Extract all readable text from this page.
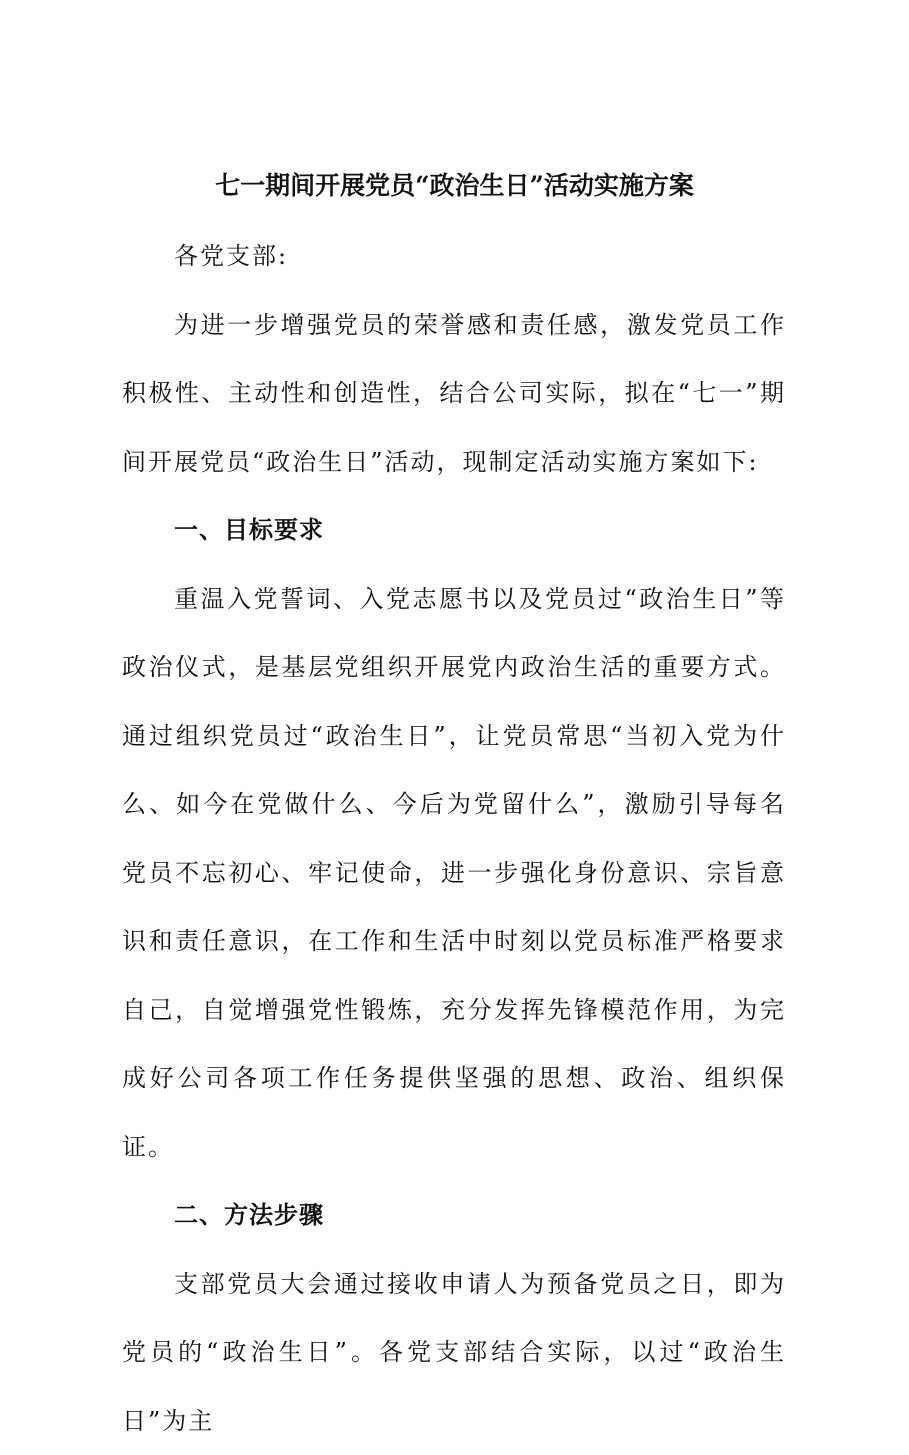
七一期间开展党员“政治生日”活动实施方案

各党支部:

为进一步增强党员的荣誉感和责任感，激发党员工作积极性、主动性和创造性，结合公司实际，拟在“七一”期间开展党员“政治生日”活动，现制定活动实施方案如下:

一、目标要求

重温入党誓词、入党志愿书以及党员过“政治生日”等政治仪式，是基层党组织开展党内政治生活的重要方式。通过组织党员过“政治生日”，让党员常思“当初入党为什么、如今在党做什么、今后为党留什么”，激励引导每名党员不忘初心、牢记使命，进一步强化身份意识、宗旨意识和责任意识，在工作和生活中时刻以党员标准严格要求自己，自觉增强党性锻炼，充分发挥先锋模范作用，为完成好公司各项工作任务提供坚强的思想、政治、组织保证。

二、方法步骤

支部党员大会通过接收申请人为预备党员之日，即为党员的“政治生日”。各党支部结合实际，以过“政治生日”为主
